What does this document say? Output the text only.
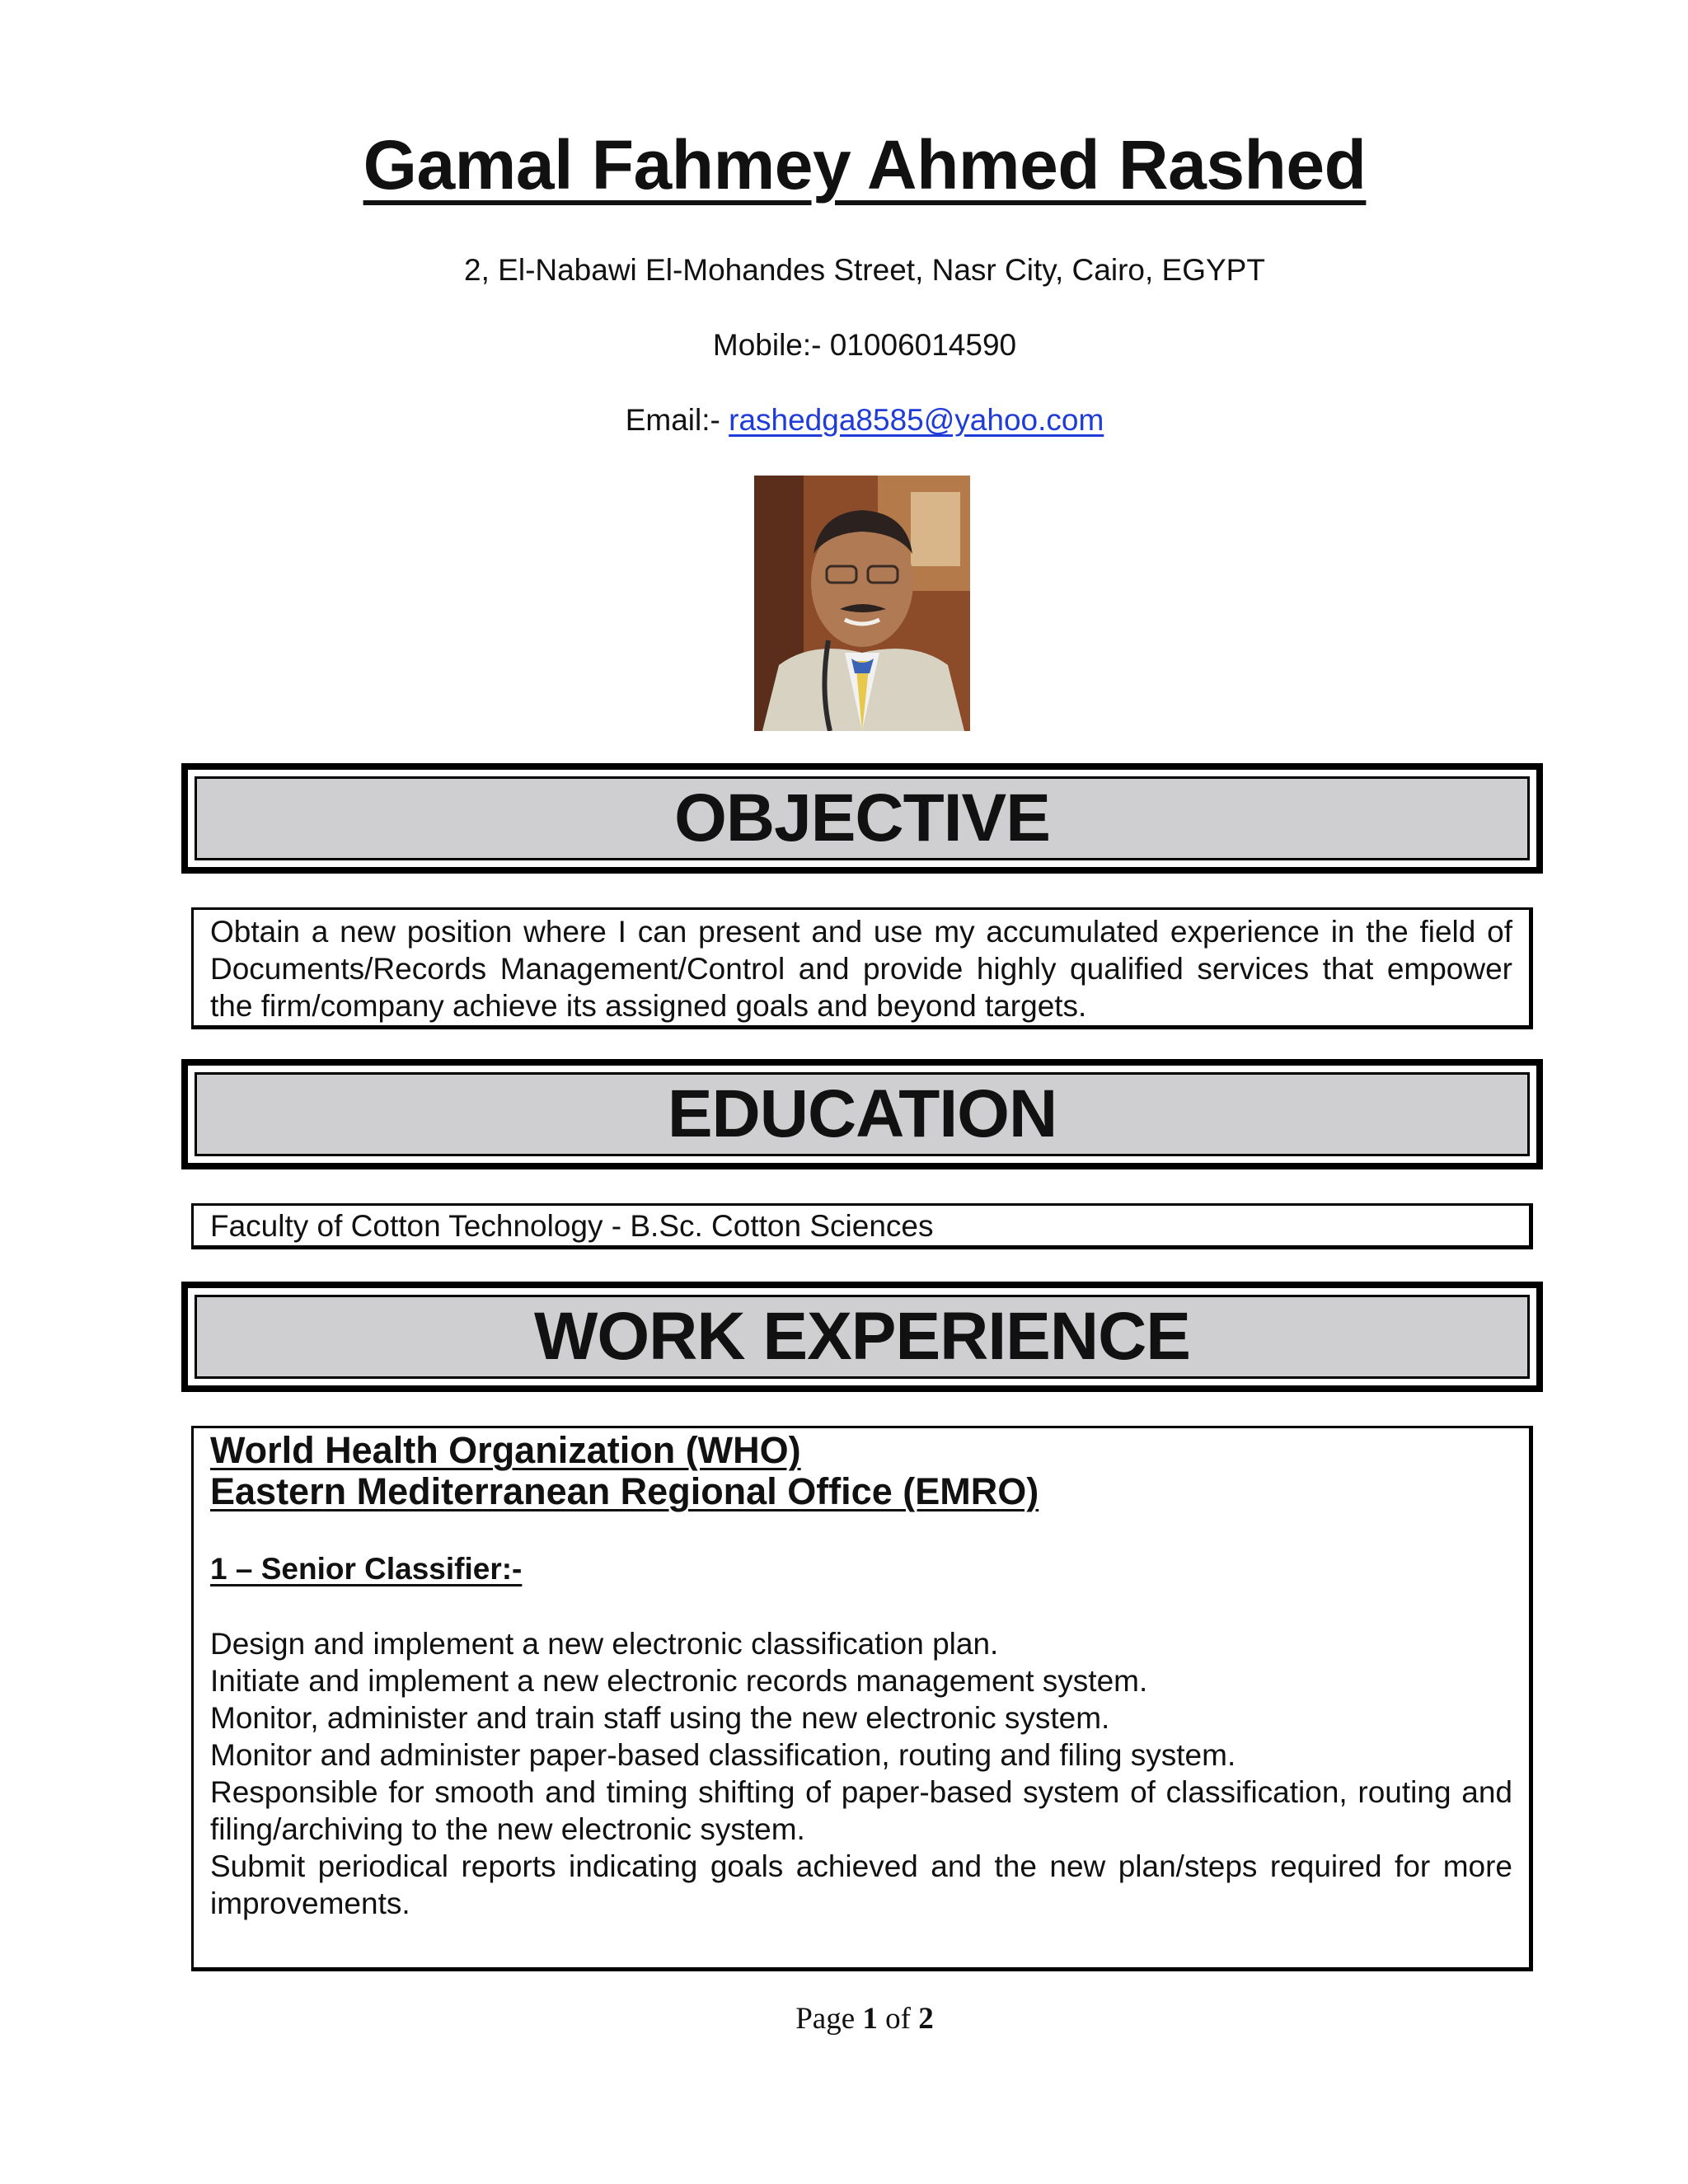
Gamal Fahmey Ahmed Rashed
2, El-Nabawi El-Mohandes Street, Nasr City, Cairo, EGYPT
Mobile:- 01006014590
Email:- rashedga8585@yahoo.com
OBJECTIVE
Obtain a new position where I can present and use my accumulated experience in the field of Documents/Records Management/Control and provide highly qualified services that empower the firm/company achieve its assigned goals and beyond targets.
EDUCATION
Faculty of Cotton Technology - B.Sc. Cotton Sciences
WORK EXPERIENCE
World Health Organization (WHO)
Eastern Mediterranean Regional Office (EMRO)
1 – Senior Classifier:-
Design and implement a new electronic classification plan.
Initiate and implement a new electronic records management system.
Monitor, administer and train staff using the new electronic system.
Monitor and administer paper-based classification, routing and filing system.
Responsible for smooth and timing shifting of paper-based system of classification, routing and filing/archiving to the new electronic system.
Submit periodical reports indicating goals achieved and the new plan/steps required for more improvements.
Page 1 of 2
